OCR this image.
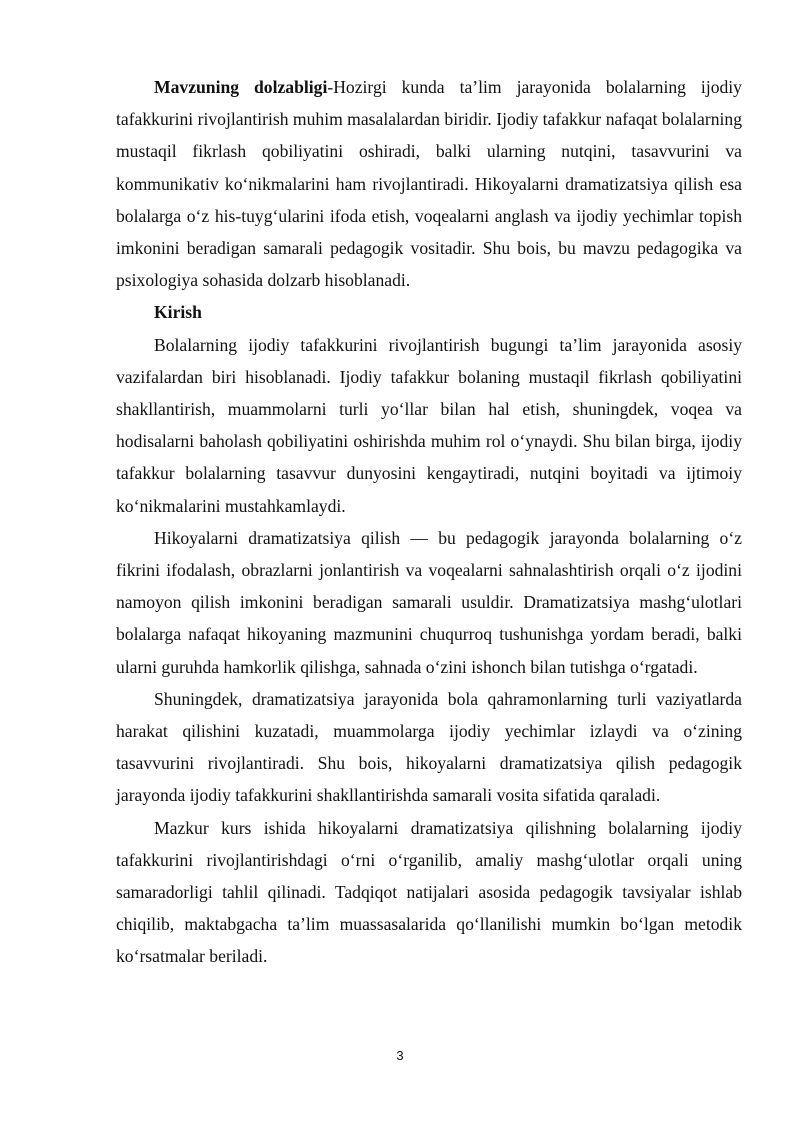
Mavzuning dolzabligi-Hozirgi kunda ta’lim jarayonida bolalarning ijodiy tafakkurini rivojlantirish muhim masalalardan biridir. Ijodiy tafakkur nafaqat bolalarning mustaqil fikrlash qobiliyatini oshiradi, balki ularning nutqini, tasavvurini va kommunikativ ko‘nikmalarini ham rivojlantiradi. Hikoyalarni dramatizatsiya qilish esa bolalarga o‘z his-tuyg‘ularini ifoda etish, voqealarni anglash va ijodiy yechimlar topish imkonini beradigan samarali pedagogik vositadir. Shu bois, bu mavzu pedagogika va psixologiya sohasida dolzarb hisoblanadi.

Kirish

Bolalarning ijodiy tafakkurini rivojlantirish bugungi ta’lim jarayonida asosiy vazifalardan biri hisoblanadi. Ijodiy tafakkur bolaning mustaqil fikrlash qobiliyatini shakllantirish, muammolarni turli yo‘llar bilan hal etish, shuningdek, voqea va hodisalarni baholash qobiliyatini oshirishda muhim rol o‘ynaydi. Shu bilan birga, ijodiy tafakkur bolalarning tasavvur dunyosini kengaytiradi, nutqini boyitadi va ijtimoiy ko‘nikmalarini mustahkamlaydi.

Hikoyalarni dramatizatsiya qilish — bu pedagogik jarayonda bolalarning o‘z fikrini ifodalash, obrazlarni jonlantirish va voqealarni sahnalashtirish orqali o‘z ijodini namoyon qilish imkonini beradigan samarali usuldir. Dramatizatsiya mashg‘ulotlari bolalarga nafaqat hikoyaning mazmunini chuqurroq tushunishga yordam beradi, balki ularni guruhda hamkorlik qilishga, sahnada o‘zini ishonch bilan tutishga o‘rgatadi.

Shuningdek, dramatizatsiya jarayonida bola qahramonlarning turli vaziyatlarda harakat qilishini kuzatadi, muammolarga ijodiy yechimlar izlaydi va o‘zining tasavvurini rivojlantiradi. Shu bois, hikoyalarni dramatizatsiya qilish pedagogik jarayonda ijodiy tafakkurini shakllantirishda samarali vosita sifatida qaraladi.

Mazkur kurs ishida hikoyalarni dramatizatsiya qilishning bolalarning ijodiy tafakkurini rivojlantirishdagi o‘rni o‘rganilib, amaliy mashg‘ulotlar orqali uning samaradorligi tahlil qilinadi. Tadqiqot natijalari asosida pedagogik tavsiyalar ishlab chiqilib, maktabgacha ta’lim muassasalarida qo‘llanilishi mumkin bo‘lgan metodik ko‘rsatmalar beriladi.

3
